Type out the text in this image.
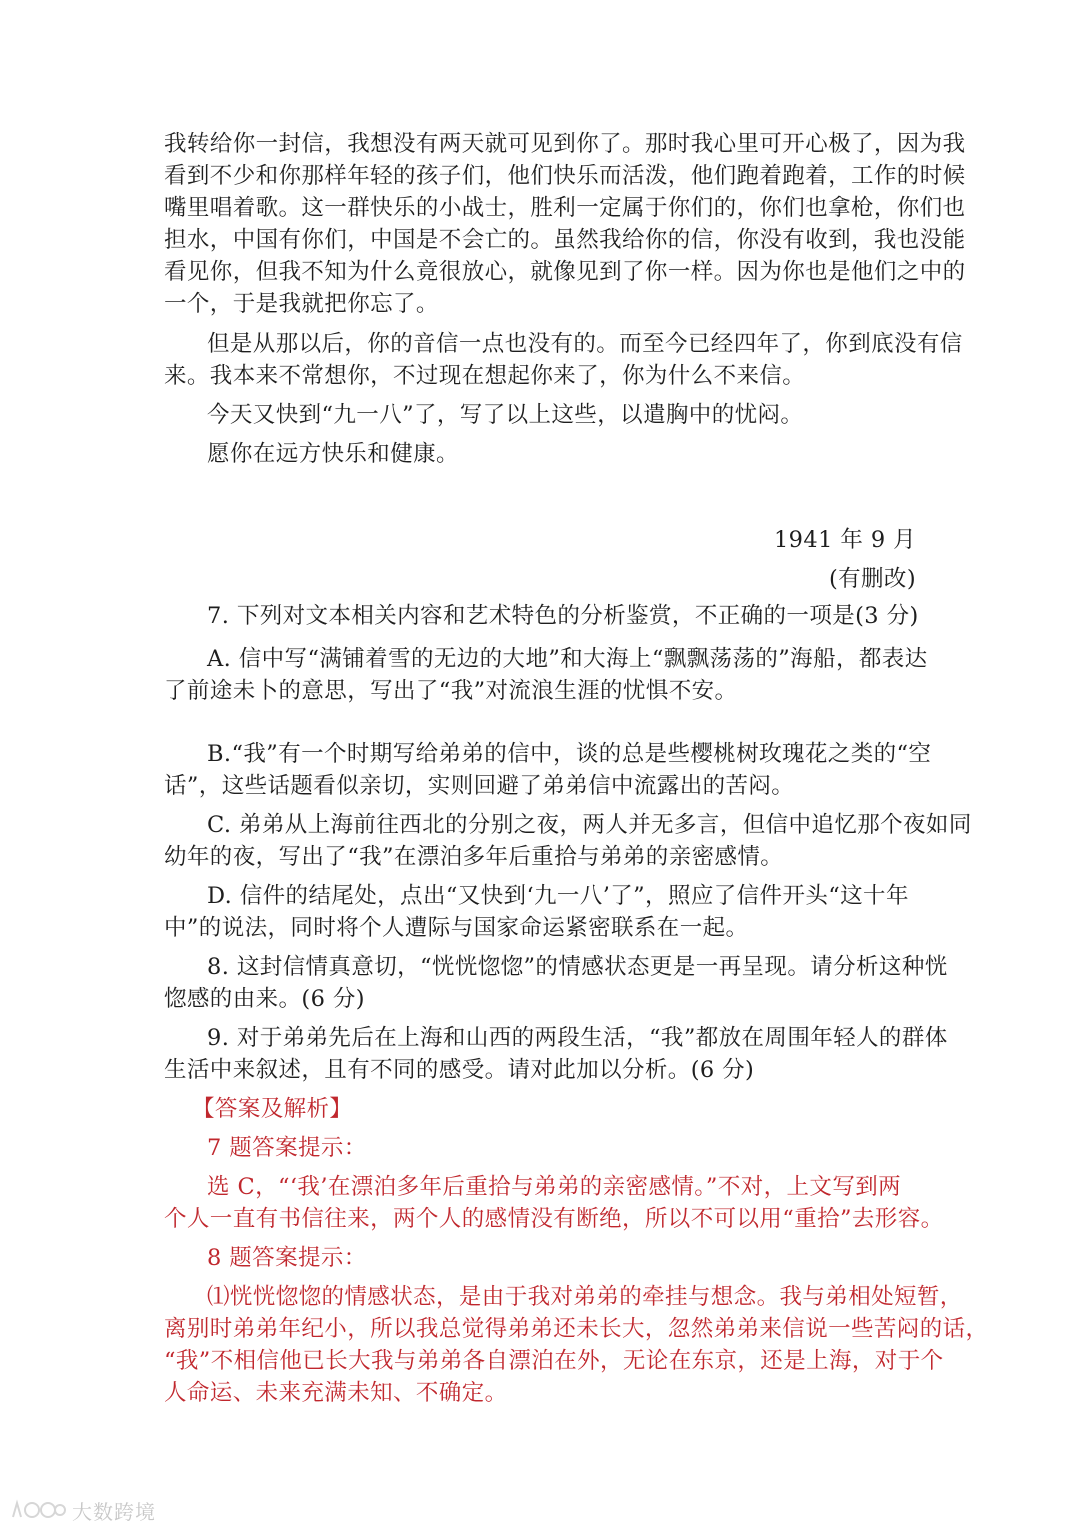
我转给你一封信，我想没有两天就可见到你了。那时我心里可开心极了，因为我
看到不少和你那样年轻的孩子们，他们快乐而活泼，他们跑着跑着，工作的时候
嘴里唱着歌。这一群快乐的小战士，胜利一定属于你们的，你们也拿枪，你们也
担水，中国有你们，中国是不会亡的。虽然我给你的信，你没有收到，我也没能
看见你，但我不知为什么竟很放心，就像见到了你一样。因为你也是他们之中的
一个，于是我就把你忘了。
但是从那以后，你的音信一点也没有的。而至今已经四年了，你到底没有信
来。我本来不常想你，不过现在想起你来了，你为什么不来信。
今天又快到“九一八”了，写了以上这些，以遣胸中的忧闷。
愿你在远方快乐和健康。
1941 年 9 月
(有删改)
7. 下列对文本相关内容和艺术特色的分析鉴赏，不正确的一项是(3 分)
A. 信中写“满铺着雪的无边的大地”和大海上“飘飘荡荡的”海船，都表达
了前途未卜的意思，写出了“我”对流浪生涯的忧惧不安。
B.“我”有一个时期写给弟弟的信中，谈的总是些樱桃树玫瑰花之类的“空
话”，这些话题看似亲切，实则回避了弟弟信中流露出的苦闷。
C. 弟弟从上海前往西北的分别之夜，两人并无多言，但信中追忆那个夜如同
幼年的夜，写出了“我”在漂泊多年后重拾与弟弟的亲密感情。
D. 信件的结尾处，点出“又快到‘九一八’了”，照应了信件开头“这十年
中”的说法，同时将个人遭际与国家命运紧密联系在一起。
8. 这封信情真意切，“恍恍惚惚”的情感状态更是一再呈现。请分析这种恍
惚感的由来。(6 分)
9. 对于弟弟先后在上海和山西的两段生活，“我”都放在周围年轻人的群体
生活中来叙述，且有不同的感受。请对此加以分析。(6 分)
【答案及解析】
7 题答案提示：
选 C，“‘我’在漂泊多年后重拾与弟弟的亲密感情。”不对，上文写到两
个人一直有书信往来，两个人的感情没有断绝，所以不可以用“重拾”去形容。
8 题答案提示：
⑴恍恍惚惚的情感状态，是由于我对弟弟的牵挂与想念。我与弟相处短暂，
离别时弟弟年纪小，所以我总觉得弟弟还未长大，忽然弟弟来信说一些苦闷的话，
“我”不相信他已长大我与弟弟各自漂泊在外，无论在东京，还是上海，对于个
人命运、未来充满未知、不确定。
大数跨境
